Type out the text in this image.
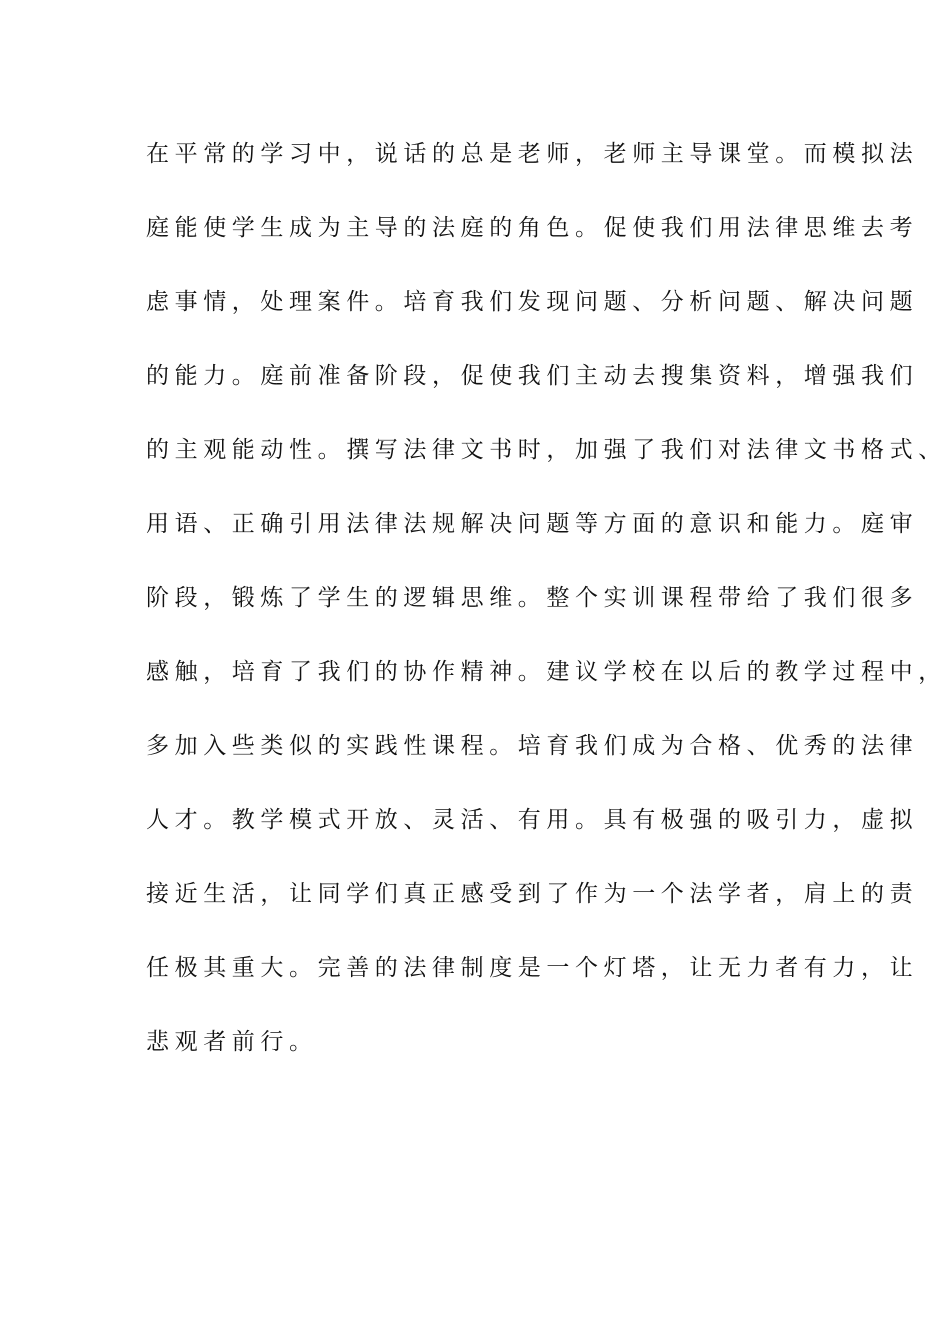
在平常的学习中，说话的总是老师，老师主导课堂。而模拟法
庭能使学生成为主导的法庭的角色。促使我们用法律思维去考
虑事情，处理案件。培育我们发现问题、分析问题、解决问题
的能力。庭前准备阶段，促使我们主动去搜集资料，增强我们
的主观能动性。撰写法律文书时，加强了我们对法律文书格式、
用语、正确引用法律法规解决问题等方面的意识和能力。庭审
阶段，锻炼了学生的逻辑思维。整个实训课程带给了我们很多
感触，培育了我们的协作精神。建议学校在以后的教学过程中，
多加入些类似的实践性课程。培育我们成为合格、优秀的法律
人才。教学模式开放、灵活、有用。具有极强的吸引力，虚拟
接近生活，让同学们真正感受到了作为一个法学者，肩上的责
任极其重大。完善的法律制度是一个灯塔，让无力者有力，让
悲观者前行。
